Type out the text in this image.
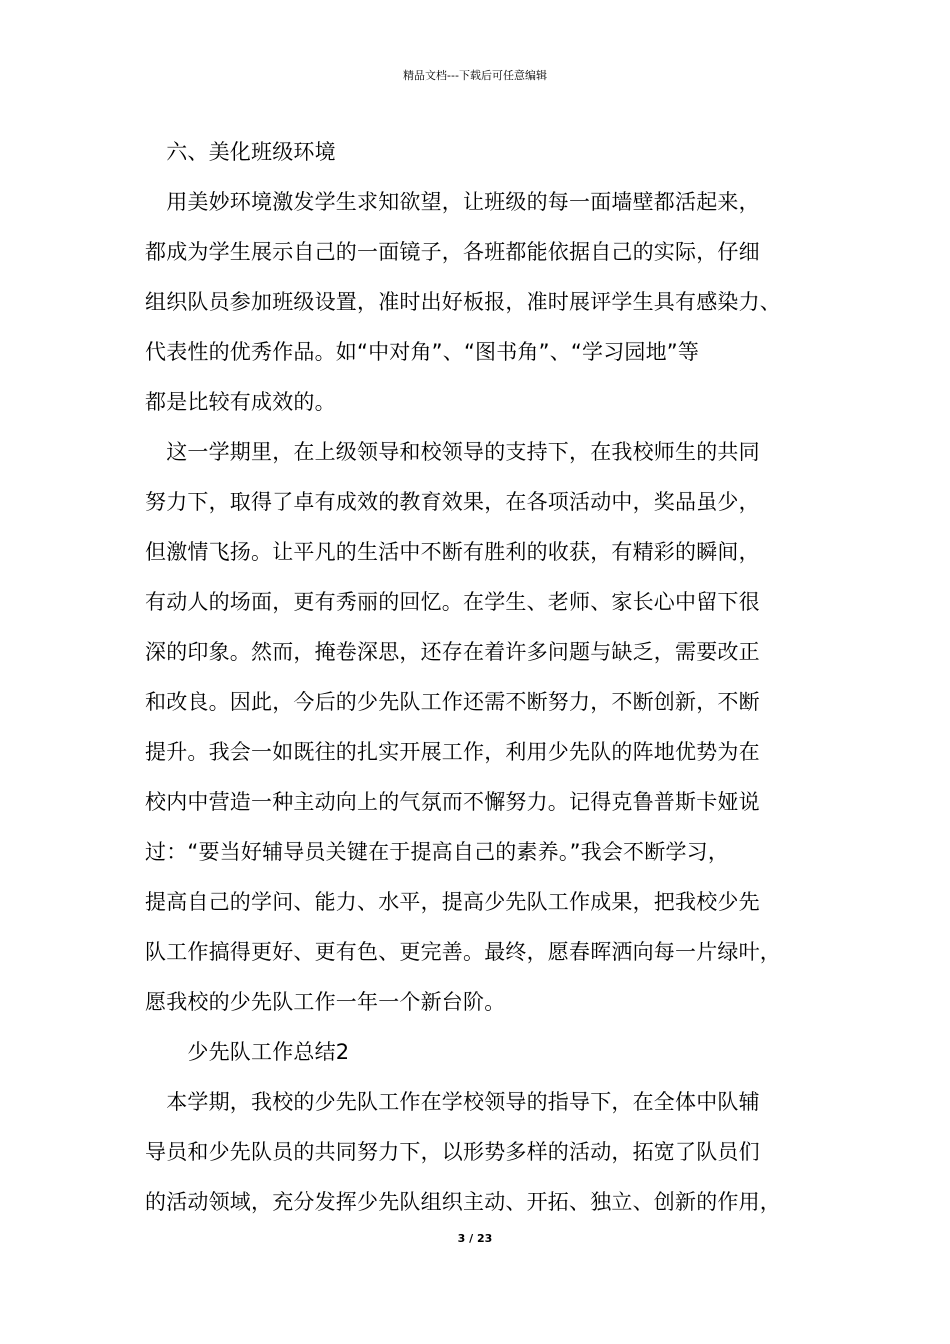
精品文档---下载后可任意编辑
　六、美化班级环境
　用美妙环境激发学生求知欲望，让班级的每一面墙壁都活起来，
都成为学生展示自己的一面镜子，各班都能依据自己的实际，仔细
组织队员参加班级设置，准时出好板报，准时展评学生具有感染力、
代表性的优秀作品。如“中对角”、“图书角”、“学习园地”等
都是比较有成效的。
　这一学期里，在上级领导和校领导的支持下，在我校师生的共同
努力下，取得了卓有成效的教育效果，在各项活动中，奖品虽少，
但激情飞扬。让平凡的生活中不断有胜利的收获，有精彩的瞬间，
有动人的场面，更有秀丽的回忆。在学生、老师、家长心中留下很
深的印象。然而，掩卷深思，还存在着许多问题与缺乏，需要改正
和改良。因此，今后的少先队工作还需不断努力，不断创新，不断
提升。我会一如既往的扎实开展工作，利用少先队的阵地优势为在
校内中营造一种主动向上的气氛而不懈努力。记得克鲁普斯卡娅说
过：“要当好辅导员关键在于提高自己的素养。”我会不断学习，
提高自己的学问、能力、水平，提高少先队工作成果，把我校少先
队工作搞得更好、更有色、更完善。最终，愿春晖洒向每一片绿叶，
愿我校的少先队工作一年一个新台阶。
　　少先队工作总结2
　本学期，我校的少先队工作在学校领导的指导下，在全体中队辅
导员和少先队员的共同努力下，以形势多样的活动，拓宽了队员们
的活动领域，充分发挥少先队组织主动、开拓、独立、创新的作用，
3 / 23
